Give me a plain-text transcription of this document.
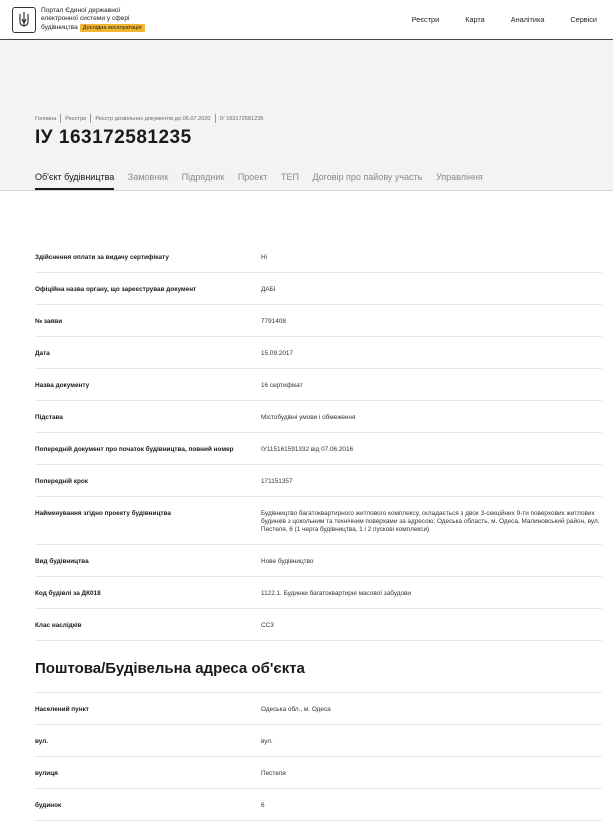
Портал Єдиної державної
електронної системи у сфері
будівництва Дослідна експлуатація
Реєстри	Карта	Аналітика	Сервіси
Головна Реєстри Реєстр дозвільних документів до 06.07.2020 ІУ 163172581235
ІУ 163172581235
Об'єкт будівництва Замовник Підрядник Проект ТЕП Договір про пайову участь Управління
Здійснення оплати за видачу сертифікату	Ні
Офіційна назва органу, що зареєстрував документ	ДАБІ
№ заяви	7791408
Дата	15.09.2017
Назва документу	16 сертифікат
Підстава	Містобудівні умови і обмеження
Попередній документ про початок будівництва, повний номер	ІУ115161591332 від 07.06.2016
Попередній крок	171151357
Найменування згідно проекту будівництва	Будівництво багатоквартирного житлового комплексу, складається з двох 3-секційних 9-ти поверхових житлових будинків з цокольним та технічним поверхами за адресою: Одеська область, м. Одеса, Малиновський район, вул. Пестеля, 6 (1 черга будівництва, 1 і 2 пускові комплекси)
Вид будівництва	Нове будівництво
Код будівлі за ДК018	1122.1. Будинки багатоквартирні масової забудови
Клас наслідків	СС3
Поштова/Будівельна адреса об'єкта
Населений пункт	Одеська обл., м. Одеса
вул.	вул.
вулиця	Пестеля
будинок	6
